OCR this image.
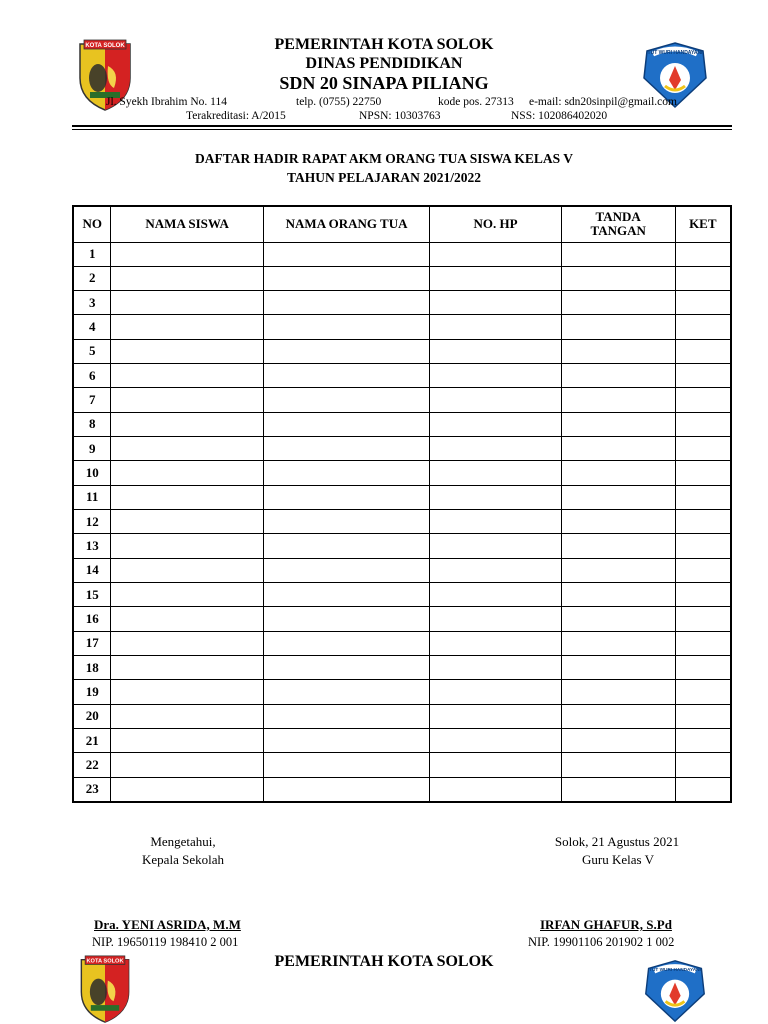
KOTA SOLOK
TUT WURI HANDAYANI
PEMERINTAH KOTA SOLOK
DINAS PENDIDIKAN
SDN 20 SINAPA PILIANG
Jl. Syekh Ibrahim No. 114	telp. (0755) 22750	kode pos. 27313 e-mail: sdn20sinpil@gmail.com
Terakreditasi: A/2015	NPSN: 10303763	NSS: 102086402020
DAFTAR HADIR RAPAT AKM ORANG TUA SISWA KELAS V
TAHUN PELAJARAN 2021/2022
NO	NAMA SISWA	NAMA ORANG TUA	NO. HP	TANDA TANGAN	KET
1					
2					
3					
4					
5					
6					
7					
8					
9					
10					
11					
12					
13					
14					
15					
16					
17					
18					
19					
20					
21					
22					
23					
Mengetahui,
Kepala Sekolah
Solok, 21 Agustus 2021
Guru Kelas V
Dra. YENI ASRIDA, M.M
NIP. 19650119 198410 2 001
IRFAN GHAFUR, S.Pd
NIP. 19901106 201902 1 002
PEMERINTAH KOTA SOLOK
KOTA SOLOK
TUT WURI HANDAYANI
